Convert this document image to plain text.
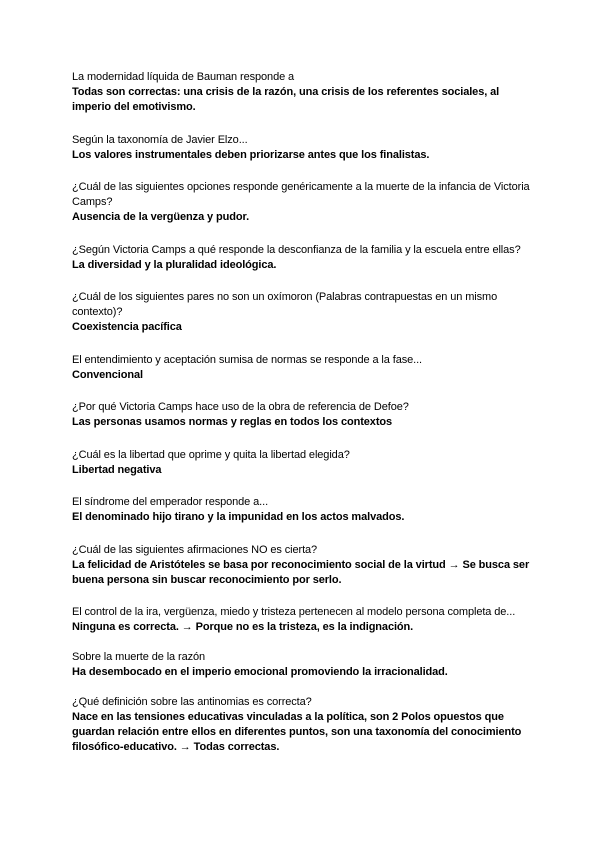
La modernidad líquida de Bauman responde a
Todas son correctas: una crisis de la razón, una crisis de los referentes sociales, al imperio del emotivismo.
Según la taxonomía de Javier Elzo...
Los valores instrumentales deben priorizarse antes que los finalistas.
¿Cuál de las siguientes opciones responde genéricamente a la muerte de la infancia de Victoria Camps?
Ausencia de la vergüenza y pudor.
¿Según Victoria Camps a qué responde la desconfianza de la familia y la escuela entre ellas?
La diversidad y la pluralidad ideológica.
¿Cuál de los siguientes pares no son un oxímoron (Palabras contrapuestas en un mismo contexto)?
Coexistencia pacífica
El entendimiento y aceptación sumisa de normas se responde a la fase...
Convencional
¿Por qué Victoria Camps hace uso de la obra de referencia de Defoe?
Las personas usamos normas y reglas en todos los contextos
¿Cuál es la libertad que oprime y quita la libertad elegida?
Libertad negativa
El síndrome del emperador responde a...
El denominado hijo tirano y la impunidad en los actos malvados.
¿Cuál de las siguientes afirmaciones NO es cierta?
La felicidad de Aristóteles se basa por reconocimiento social de la virtud → Se busca ser buena persona sin buscar reconocimiento por serlo.
El control de la ira, vergüenza, miedo y tristeza pertenecen al modelo persona completa de...
Ninguna es correcta. → Porque no es la tristeza, es la indignación.
Sobre la muerte de la razón
Ha desembocado en el imperio emocional promoviendo la irracionalidad.
¿Qué definición sobre las antinomias es correcta?
Nace en las tensiones educativas vinculadas a la política, son 2 Polos opuestos que guardan relación entre ellos en diferentes puntos, son una taxonomía del conocimiento filosófico-educativo. → Todas correctas.
